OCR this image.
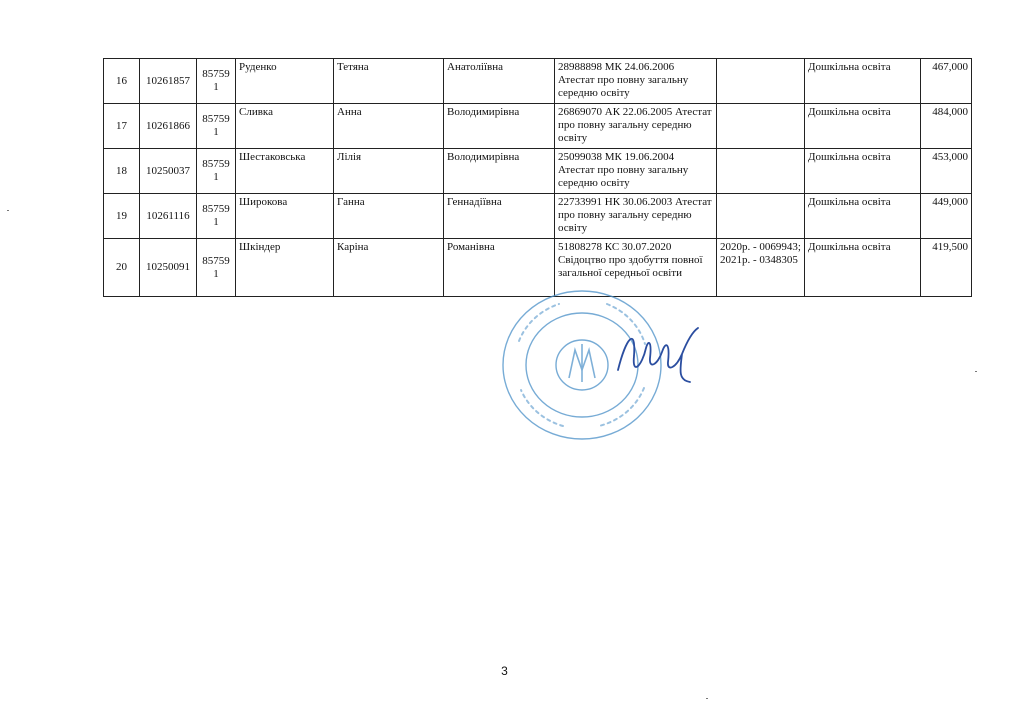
16	10261857	857591	Руденко	Тетяна	Анатоліївна	28988898 МК 24.06.2006 Атестат про повну загальну середню освіту		Дошкільна освіта	467,000
17	10261866	857591	Сливка	Анна	Володимирівна	26869070 АК 22.06.2005 Атестат про повну загальну середню освіту		Дошкільна освіта	484,000
18	10250037	857591	Шестаковська	Лілія	Володимирівна	25099038 МК 19.06.2004 Атестат про повну загальну середню освіту		Дошкільна освіта	453,000
19	10261116	857591	Широкова	Ганна	Геннадіївна	22733991 НК 30.06.2003 Атестат про повну загальну середню освіту		Дошкільна освіта	449,000
20	10250091	857591	Шкіндер	Каріна	Романівна	51808278 КС 30.07.2020 Свідоцтво про здобуття повної загальної середньої освіти	2020р. - 0069943; 2021р. - 0348305	Дошкільна освіта	419,500
3
